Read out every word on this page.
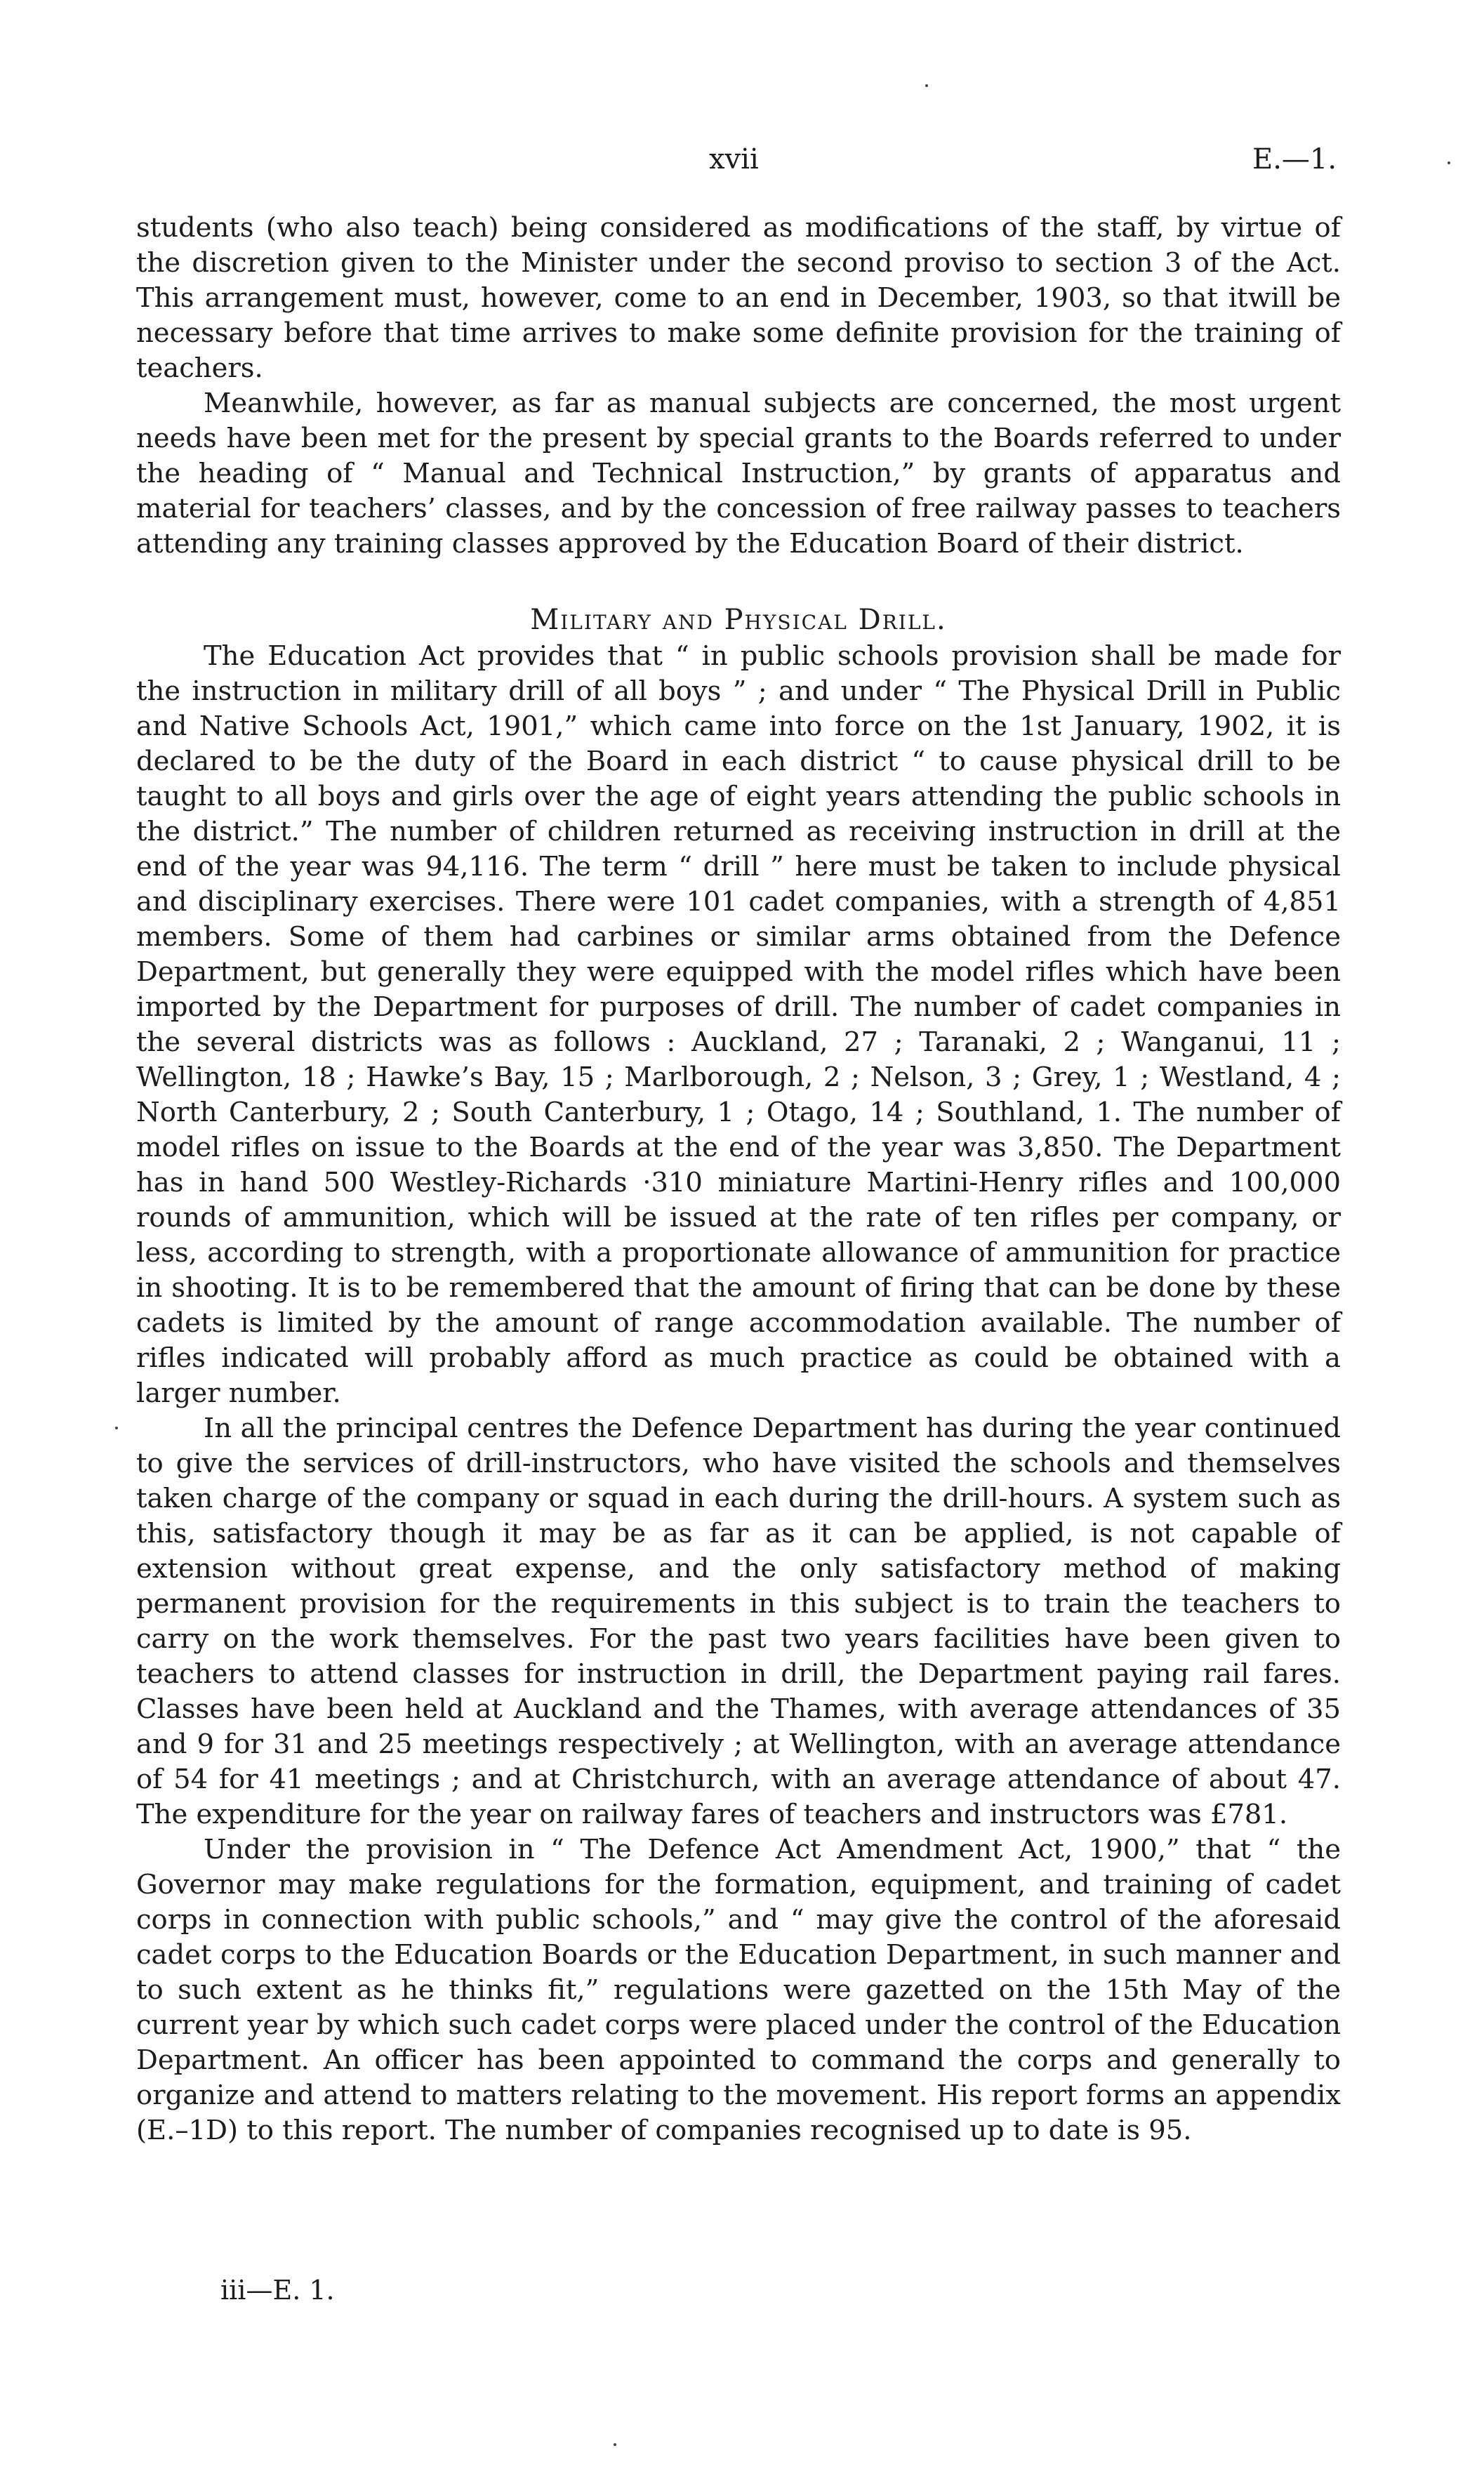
xvii	E.—1.

students (who also teach) being considered as modifications of the staff, by virtue of the discretion given to the Minister under the second proviso to section 3 of the Act. This arrangement must, however, come to an end in December, 1903, so that itwill be necessary before that time arrives to make some definite provision for the training of teachers.

Meanwhile, however, as far as manual subjects are concerned, the most urgent needs have been met for the present by special grants to the Boards referred to under the heading of “ Manual and Technical Instruction,” by grants of apparatus and material for teachers’ classes, and by the concession of free railway passes to teachers attending any training classes approved by the Education Board of their district.

Military and Physical Drill.

The Education Act provides that “ in public schools provision shall be made for the instruction in military drill of all boys ” ; and under “ The Physical Drill in Public and Native Schools Act, 1901,” which came into force on the 1st January, 1902, it is declared to be the duty of the Board in each district “ to cause physical drill to be taught to all boys and girls over the age of eight years attending the public schools in the district.” The number of children returned as receiving instruction in drill at the end of the year was 94,116. The term “ drill ” here must be taken to include physical and disciplinary exercises. There were 101 cadet companies, with a strength of 4,851 members. Some of them had carbines or similar arms obtained from the Defence Department, but generally they were equipped with the model rifles which have been imported by the Department for purposes of drill. The number of cadet companies in the several districts was as follows : Auckland, 27 ; Taranaki, 2 ; Wanganui, 11 ; Wellington, 18 ; Hawke’s Bay, 15 ; Marlborough, 2 ; Nelson, 3 ; Grey, 1 ; Westland, 4 ; North Canterbury, 2 ; South Canterbury, 1 ; Otago, 14 ; Southland, 1. The number of model rifles on issue to the Boards at the end of the year was 3,850. The Department has in hand 500 Westley-Richards ·310 miniature Martini-Henry rifles and 100,000 rounds of ammunition, which will be issued at the rate of ten rifles per company, or less, according to strength, with a proportionate allowance of ammunition for practice in shooting. It is to be remembered that the amount of firing that can be done by these cadets is limited by the amount of range accommodation available. The number of rifles indicated will probably afford as much practice as could be obtained with a larger number.

In all the principal centres the Defence Department has during the year continued to give the services of drill-instructors, who have visited the schools and themselves taken charge of the company or squad in each during the drill-hours. A system such as this, satisfactory though it may be as far as it can be applied, is not capable of extension without great expense, and the only satisfactory method of making permanent provision for the requirements in this subject is to train the teachers to carry on the work themselves. For the past two years facilities have been given to teachers to attend classes for instruction in drill, the Department paying rail fares. Classes have been held at Auckland and the Thames, with average attendances of 35 and 9 for 31 and 25 meetings respectively ; at Wellington, with an average attendance of 54 for 41 meetings ; and at Christchurch, with an average attendance of about 47. The expenditure for the year on railway fares of teachers and instructors was £781.

Under the provision in “ The Defence Act Amendment Act, 1900,” that “ the Governor may make regulations for the formation, equipment, and training of cadet corps in connection with public schools,” and “ may give the control of the aforesaid cadet corps to the Education Boards or the Education Department, in such manner and to such extent as he thinks fit,” regulations were gazetted on the 15th May of the current year by which such cadet corps were placed under the control of the Education Department. An officer has been appointed to command the corps and generally to organize and attend to matters relating to the movement. His report forms an appendix (E.–1D) to this report. The number of companies recognised up to date is 95.

iii—E. 1.
